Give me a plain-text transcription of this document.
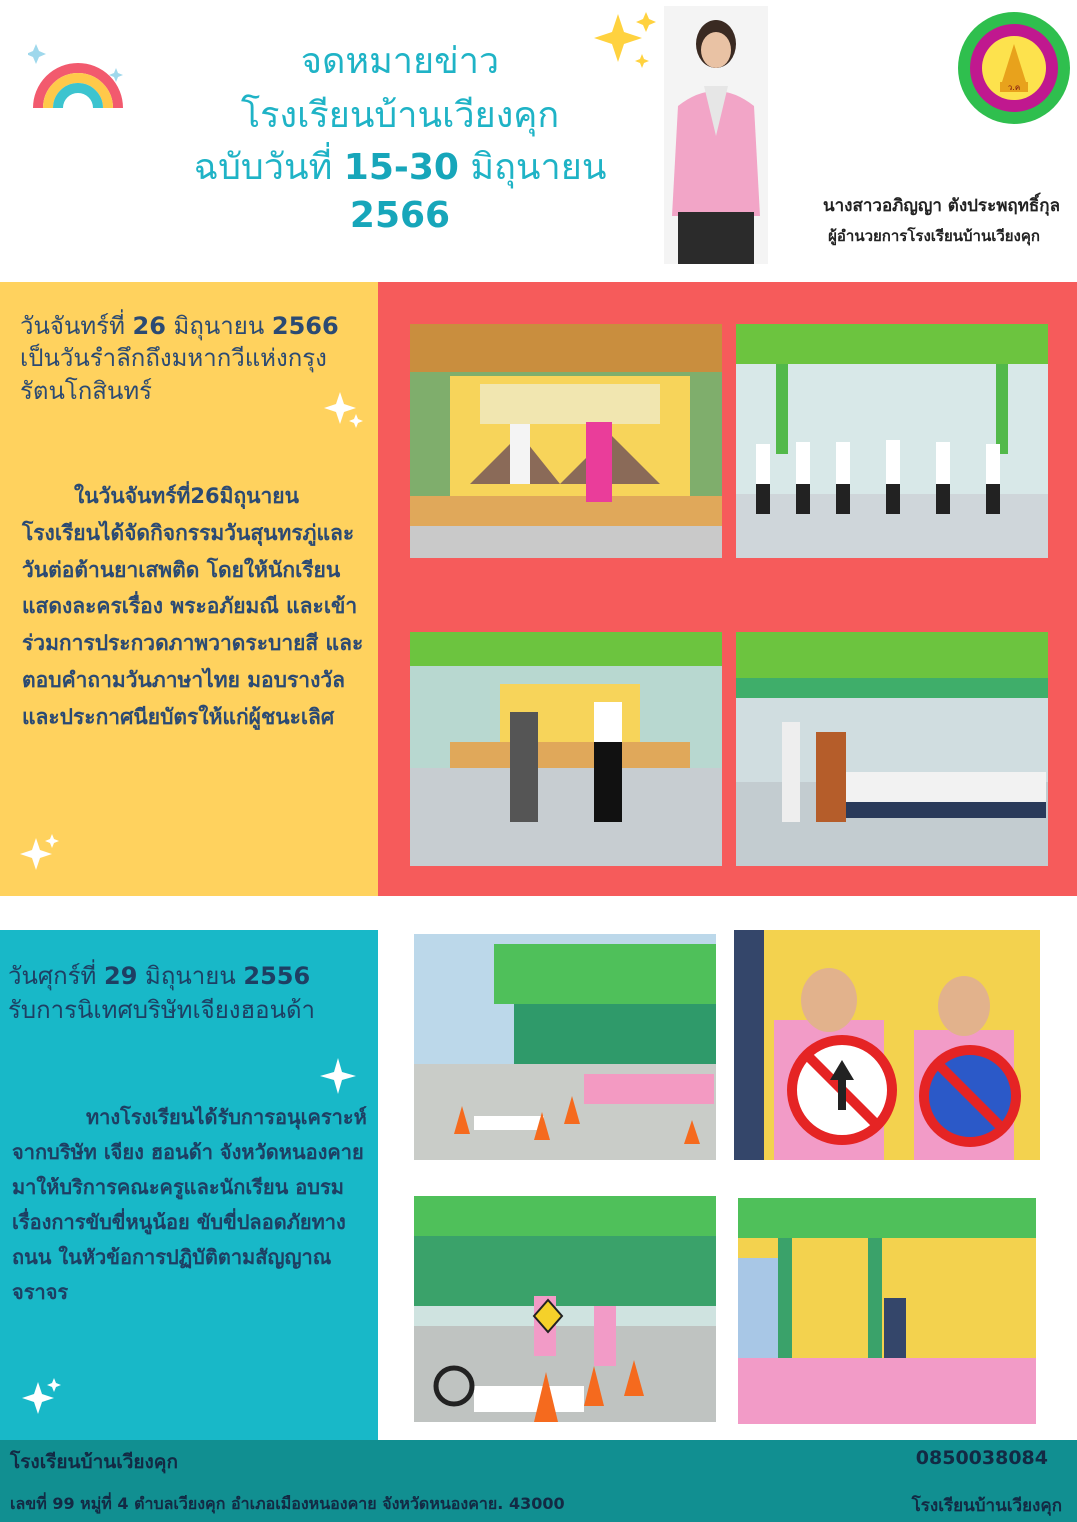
จดหมายข่าว
โรงเรียนบ้านเวียงคุก
ฉบับวันที่ 15-30 มิถุนายน 2566
ว.ค
นางสาวอภิญญา ตังประพฤทธิ์กุล
ผู้อำนวยการโรงเรียนบ้านเวียงคุก
วันจันทร์ที่ 26 มิถุนายน 2566
เป็นวันรำลึกถึงมหากวีแห่งกรุงรัตนโกสินทร์
ในวันจันทร์ที่26มิถุนายน โรงเรียนได้จัดกิจกรรมวันสุนทรภู่และวันต่อต้านยาเสพติด โดยให้นักเรียนแสดงละครเรื่อง พระอภัยมณี และเข้าร่วมการประกวดภาพวาดระบายสี และตอบคำถามวันภาษาไทย มอบรางวัลและประกาศนียบัตรให้แก่ผู้ชนะเลิศ
วันศุกร์ที่ 29 มิถุนายน 2556
รับการนิเทศบริษัทเจียงฮอนด้า
ทางโรงเรียนได้รับการอนุเคราะห์จากบริษัท เจียง ฮอนด้า จังหวัดหนองคาย มาให้บริการคณะครูและนักเรียน อบรมเรื่องการขับขี่หนูน้อย ขับขี่ปลอดภัยทางถนน ในหัวข้อการปฏิบัติตามสัญญาณจราจร
โรงเรียนบ้านเวียงคุก
เลขที่ 99 หมู่ที่ 4 ตำบลเวียงคุก อำเภอเมืองหนองคาย จังหวัดหนองคาย. 43000
0850038084
โรงเรียนบ้านเวียงคุก
